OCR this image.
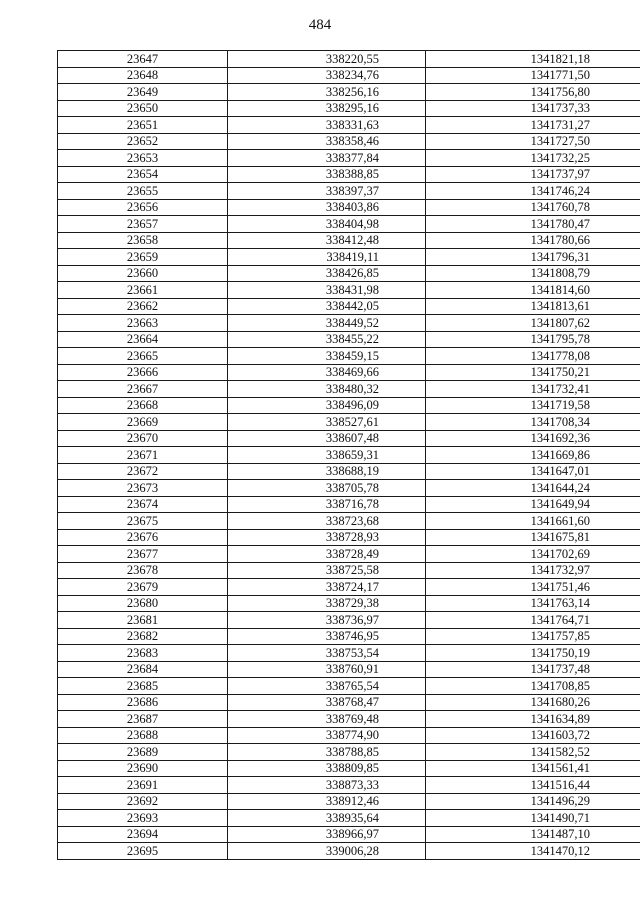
484
23647	338220,55	1341821,18
23648	338234,76	1341771,50
23649	338256,16	1341756,80
23650	338295,16	1341737,33
23651	338331,63	1341731,27
23652	338358,46	1341727,50
23653	338377,84	1341732,25
23654	338388,85	1341737,97
23655	338397,37	1341746,24
23656	338403,86	1341760,78
23657	338404,98	1341780,47
23658	338412,48	1341780,66
23659	338419,11	1341796,31
23660	338426,85	1341808,79
23661	338431,98	1341814,60
23662	338442,05	1341813,61
23663	338449,52	1341807,62
23664	338455,22	1341795,78
23665	338459,15	1341778,08
23666	338469,66	1341750,21
23667	338480,32	1341732,41
23668	338496,09	1341719,58
23669	338527,61	1341708,34
23670	338607,48	1341692,36
23671	338659,31	1341669,86
23672	338688,19	1341647,01
23673	338705,78	1341644,24
23674	338716,78	1341649,94
23675	338723,68	1341661,60
23676	338728,93	1341675,81
23677	338728,49	1341702,69
23678	338725,58	1341732,97
23679	338724,17	1341751,46
23680	338729,38	1341763,14
23681	338736,97	1341764,71
23682	338746,95	1341757,85
23683	338753,54	1341750,19
23684	338760,91	1341737,48
23685	338765,54	1341708,85
23686	338768,47	1341680,26
23687	338769,48	1341634,89
23688	338774,90	1341603,72
23689	338788,85	1341582,52
23690	338809,85	1341561,41
23691	338873,33	1341516,44
23692	338912,46	1341496,29
23693	338935,64	1341490,71
23694	338966,97	1341487,10
23695	339006,28	1341470,12
